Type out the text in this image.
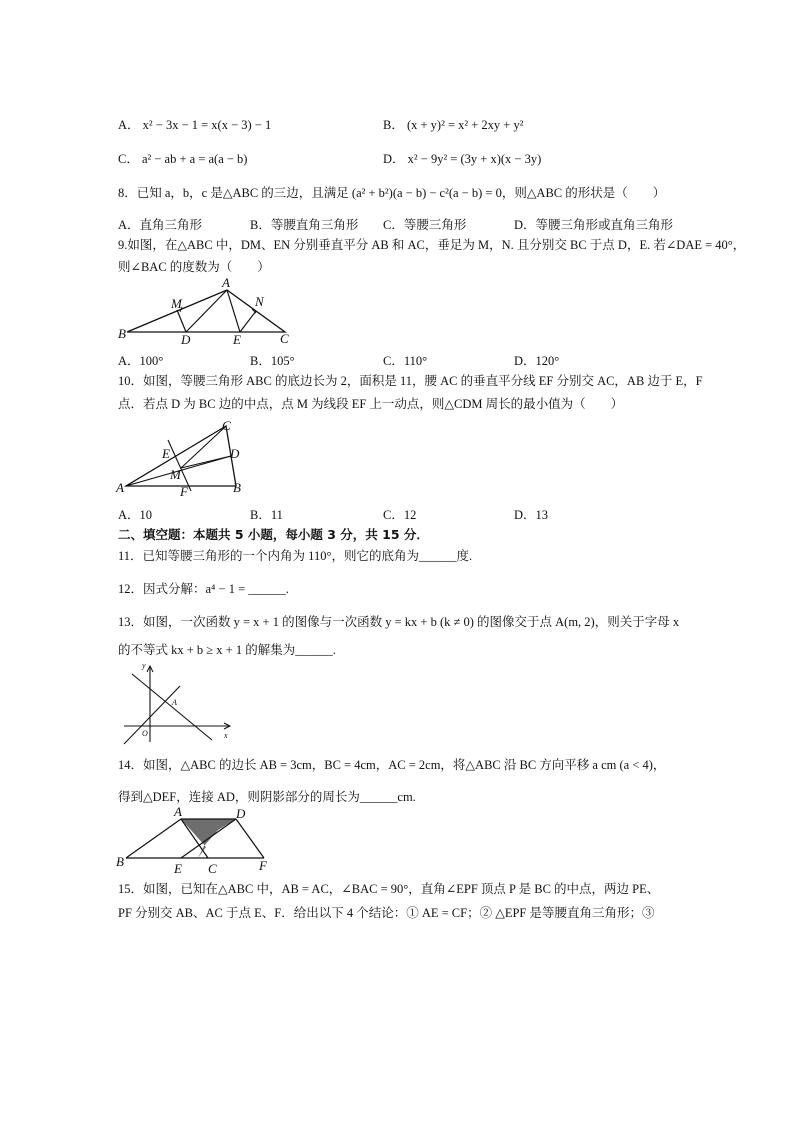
A． x² − 3x − 1 = x(x − 3) − 1	B． (x + y)² = x² + 2xy + y²
C． a² − ab + a = a(a − b)	D． x² − 9y² = (3y + x)(x − 3y)
8．已知 a，b，c 是△ABC 的三边，且满足 (a² + b²)(a − b) − c²(a − b) = 0，则△ABC 的形状是（　　）
A．直角三角形	B．等腰直角三角形 C．等腰三角形	D．等腰三角形或直角三角形
9.如图，在△ABC 中，DM、EN 分别垂直平分 AB 和 AC，垂足为 M，N. 且分别交 BC 于点 D，E. 若∠DAE = 40°，
则∠BAC 的度数为（　　）
A
M	N
B	D	E	C
A．100°	B．105°	C．110°	D．120°
10．如图，等腰三角形 ABC 的底边长为 2，面积是 11，腰 AC 的垂直平分线 EF 分别交 AC，AB 边于 E，F
点．若点 D 为 BC 边的中点，点 M 为线段 EF 上一动点，则△CDM 周长的最小值为（　　）
C
E	D
M
A	F	B
A．10	B．11	C．12	D．13
二、填空题：本题共 5 小题，每小题 3 分，共 15 分．
11．已知等腰三角形的一个内角为 110°，则它的底角为______度.
12．因式分解：a⁴ − 1 = ______.
13．如图，一次函数 y = x + 1 的图像与一次函数 y = kx + b (k ≠ 0) 的图像交于点 A(m, 2)，则关于字母 x
的不等式 kx + b ≥ x + 1 的解集为______.
y
A
O	x
14．如图，△ABC 的边长 AB = 3cm，BC = 4cm，AC = 2cm，将△ABC 沿 BC 方向平移 a cm (a < 4)，
得到△DEF，连接 AD，则阴影部分的周长为______cm.
A	D
B	E C	F
15．如图，已知在△ABC 中，AB = AC，∠BAC = 90°，直角∠EPF 顶点 P 是 BC 的中点，两边 PE、
PF 分别交 AB、AC 于点 E、F．给出以下 4 个结论：① AE = CF；② △EPF 是等腰直角三角形；③
